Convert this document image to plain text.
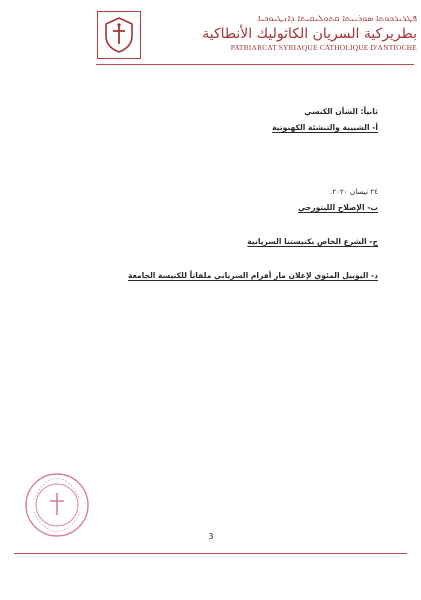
ܦܛܪܝܪܟܘܬܐ ܣܘܪܝܝܬܐ ܩܬܘܠܝܩܝܬܐ ܕܐܢܛܝܘܟܝܐ
بطريركية السريان الكاثوليك الأنطاكية
PATRIARCAT SYRIAQUE CATHOLIQUE D'ANTIOCHE

ثانياً: الشأن الكنسي

أ- الشبيبة والتنشئة الكهنوتية

٢٤ نيسان ٢٠٢٠.

ب- الإصلاح الليتورجي

ج- الشرع الخاص بكنيستنا السريانية

د- اليوبيل المئوي لإعلان مار أفرام السرياني ملفاناً للكنيسة الجامعة

3
